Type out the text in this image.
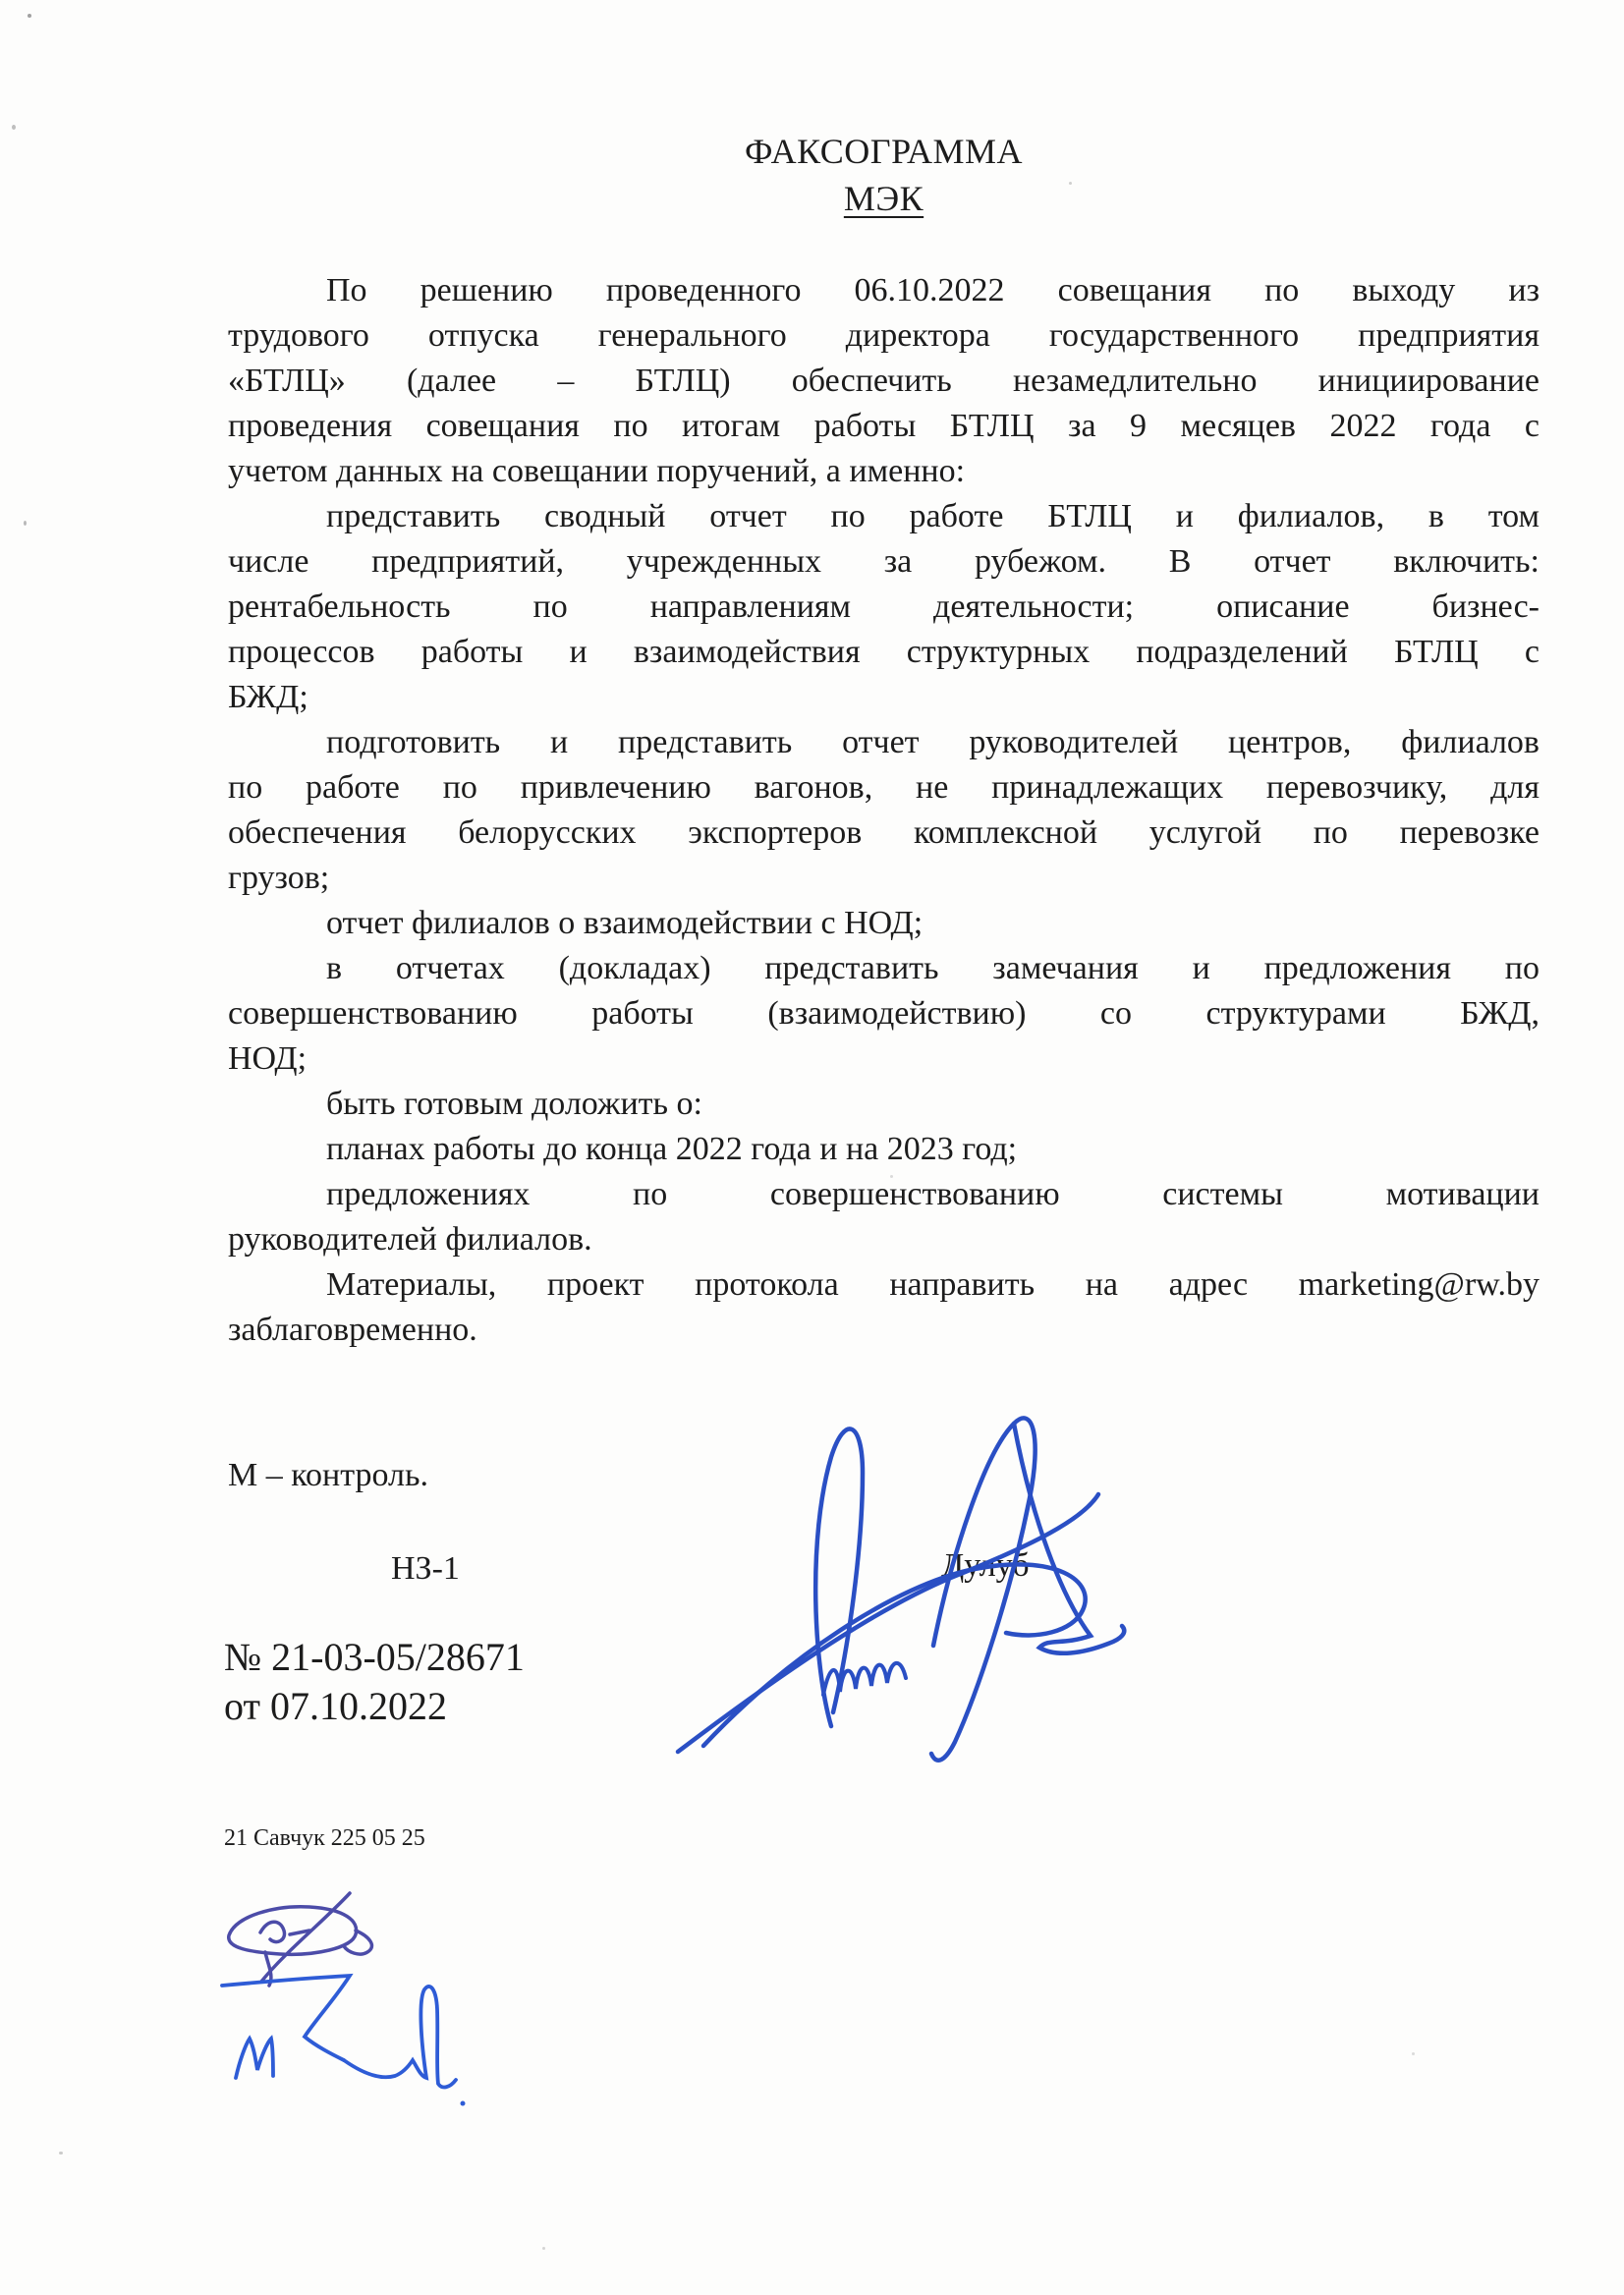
ФАКСОГРАММА
МЭК
По решению проведенного 06.10.2022 совещания по выходу из
трудового отпуска генерального директора государственного предприятия
«БТЛЦ» (далее – БТЛЦ) обеспечить незамедлительно инициирование
проведения совещания по итогам работы БТЛЦ за 9 месяцев 2022 года с
учетом данных на совещании поручений, а именно:
представить сводный отчет по работе БТЛЦ и филиалов, в том
числе предприятий, учрежденных за рубежом. В отчет включить:
рентабельность по направлениям деятельности; описание бизнес-
процессов работы и взаимодействия структурных подразделений БТЛЦ с
БЖД;
подготовить и представить отчет руководителей центров, филиалов
по работе по привлечению вагонов, не принадлежащих перевозчику, для
обеспечения белорусских экспортеров комплексной услугой по перевозке
грузов;
отчет филиалов о взаимодействии с НОД;
в отчетах (докладах) представить замечания и предложения по
совершенствованию работы (взаимодействию) со структурами БЖД,
НОД;
быть готовым доложить о:
планах работы до конца 2022 года и на 2023 год;
предложениях по совершенствованию системы мотивации
руководителей филиалов.
Материалы, проект протокола направить на адрес marketing@rw.by
заблаговременно.
М – контроль.
НЗ-1	Дулуб
№ 21-03-05/28671
от 07.10.2022
21 Савчук 225 05 25
